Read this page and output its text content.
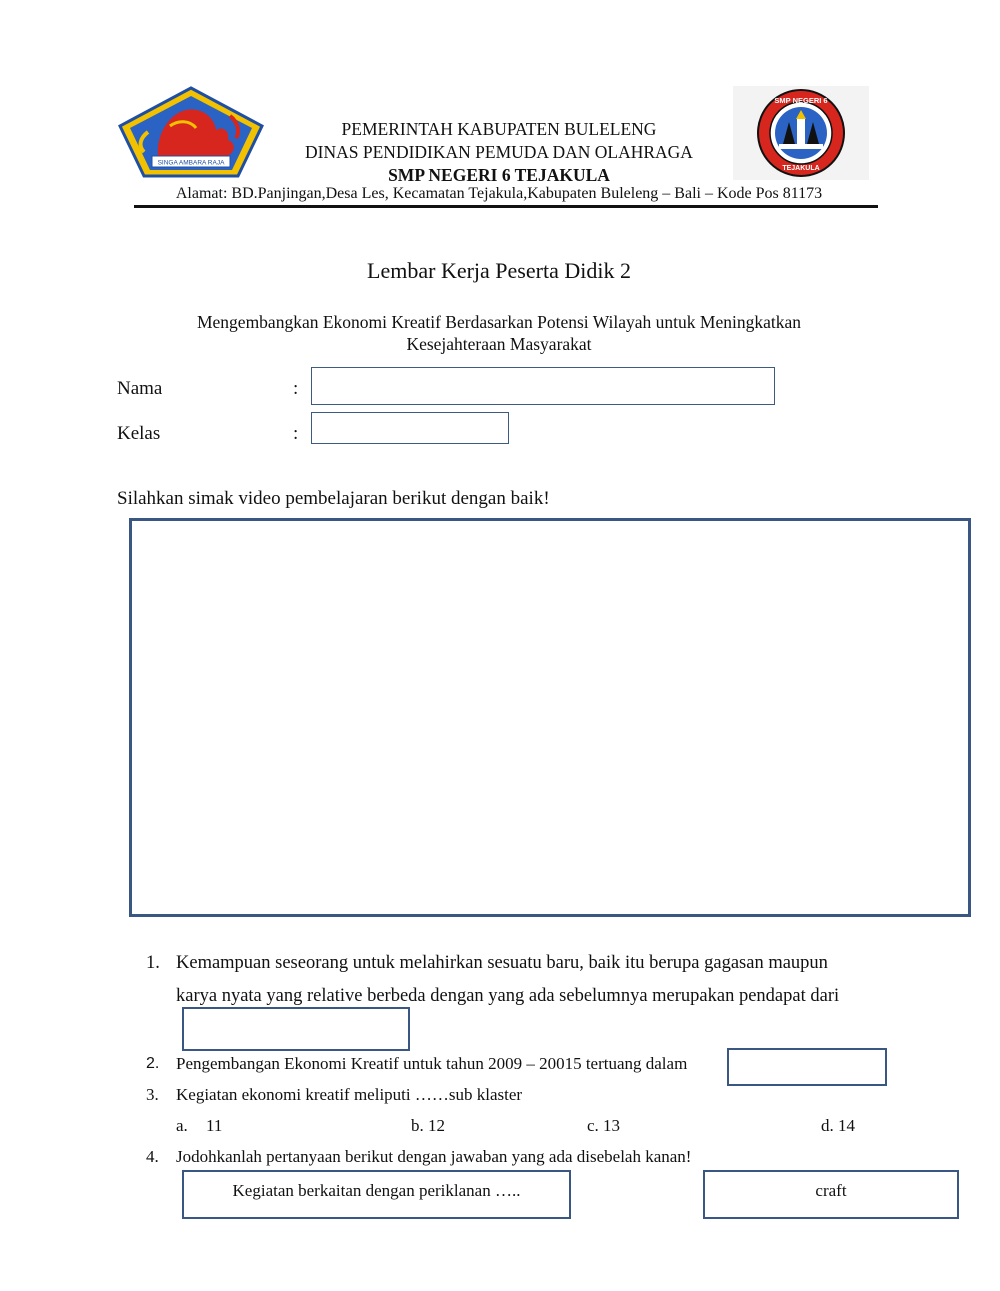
SINGA AMBARA RAJA
SMP NEGERI 6
TEJAKULA
PEMERINTAH KABUPATEN BULELENG
DINAS PENDIDIKAN PEMUDA DAN OLAHRAGA
SMP NEGERI 6 TEJAKULA
Alamat: BD.Panjingan,Desa Les, Kecamatan Tejakula,Kabupaten Buleleng – Bali – Kode Pos 81173
Lembar Kerja Peserta Didik 2
Mengembangkan Ekonomi Kreatif Berdasarkan Potensi Wilayah untuk Meningkatkan
Kesejahteraan Masyarakat
Nama	:
Kelas	:
Silahkan simak video pembelajaran berikut dengan baik!
1. Kemampuan seseorang untuk melahirkan sesuatu baru, baik itu berupa gagasan maupun
karya nyata yang relative berbeda dengan yang ada sebelumnya merupakan pendapat dari
2. Pengembangan Ekonomi Kreatif untuk tahun 2009 – 20015 tertuang dalam
3. Kegiatan ekonomi kreatif meliputi ……sub klaster
a. 11	b. 12	c. 13	d. 14
4. Jodohkanlah pertanyaan berikut dengan jawaban yang ada disebelah kanan!
Kegiatan berkaitan dengan periklanan …..	craft
